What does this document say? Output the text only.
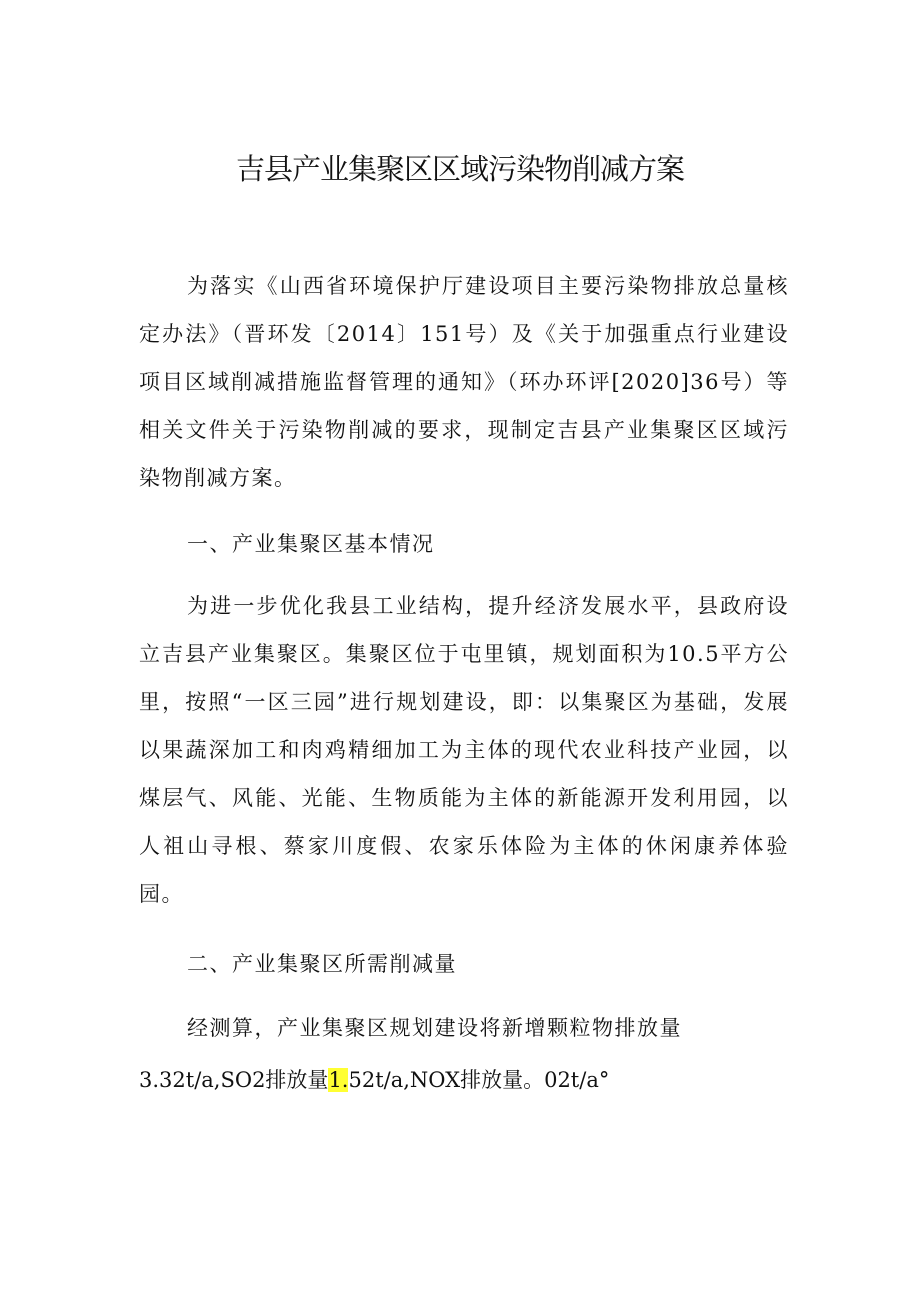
吉县产业集聚区区域污染物削减方案

为落实《山西省环境保护厅建设项目主要污染物排放总量核定办法》（晋环发〔2014〕151号）及《关于加强重点行业建设项目区域削减措施监督管理的通知》（环办环评[2020]36号）等相关文件关于污染物削减的要求，现制定吉县产业集聚区区域污染物削减方案。

一、产业集聚区基本情况

为进一步优化我县工业结构，提升经济发展水平，县政府设立吉县产业集聚区。集聚区位于屯里镇，规划面积为10.5平方公里，按照“一区三园”进行规划建设，即：以集聚区为基础，发展以果蔬深加工和肉鸡精细加工为主体的现代农业科技产业园，以煤层气、风能、光能、生物质能为主体的新能源开发利用园，以人祖山寻根、蔡家川度假、农家乐体险为主体的休闲康养体验园。

二、产业集聚区所需削减量

经测算，产业集聚区规划建设将新增颗粒物排放量

3.32t/a,SO2排放量1.52t/a,NOX排放量。02t/a°
